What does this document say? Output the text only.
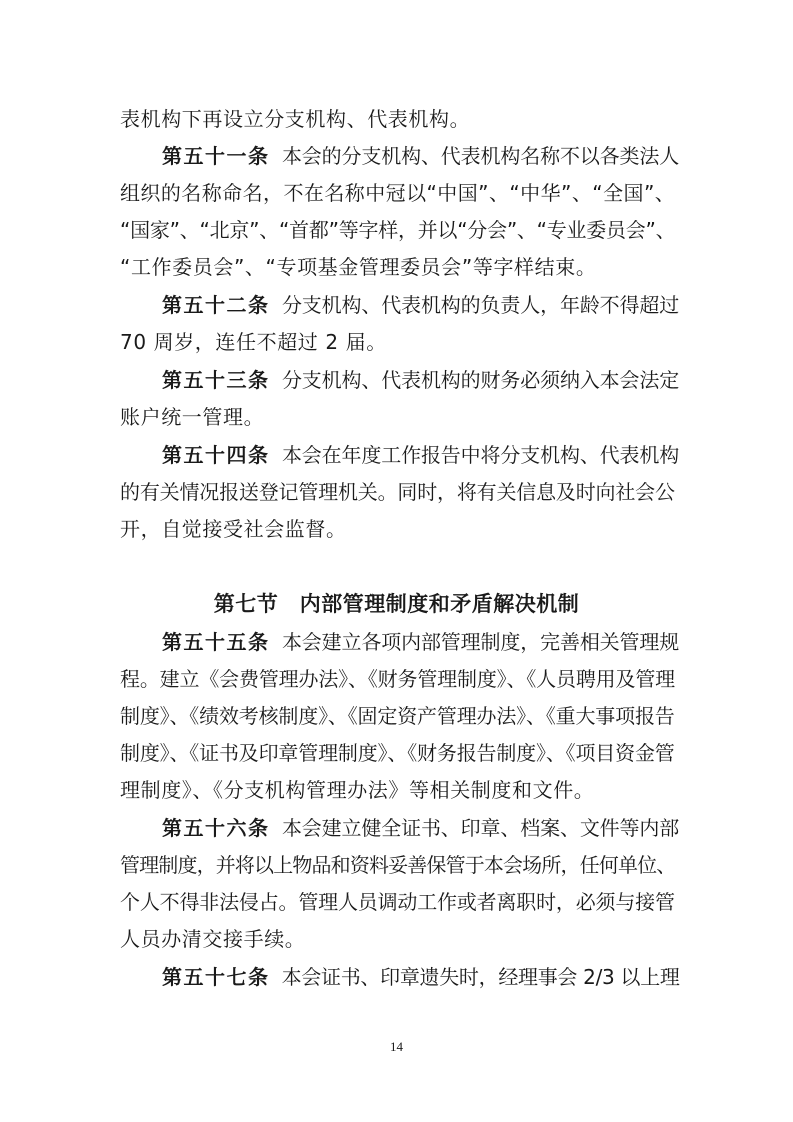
表机构下再设立分支机构、代表机构。
第五十一条 本会的分支机构、代表机构名称不以各类法人
组织的名称命名，不在名称中冠以“中国”、“中华”、“全国”、
“国家”、“北京”、“首都”等字样，并以“分会”、“专业委员会”、
“工作委员会”、“专项基金管理委员会”等字样结束。
第五十二条 分支机构、代表机构的负责人，年龄不得超过
70 周岁，连任不超过 2 届。
第五十三条 分支机构、代表机构的财务必须纳入本会法定
账户统一管理。
第五十四条 本会在年度工作报告中将分支机构、代表机构
的有关情况报送登记管理机关。同时，将有关信息及时向社会公
开，自觉接受社会监督。
第七节　内部管理制度和矛盾解决机制
第五十五条 本会建立各项内部管理制度，完善相关管理规
程。建立《会费管理办法》、《财务管理制度》、《人员聘用及管理
制度》、《绩效考核制度》、《固定资产管理办法》、《重大事项报告
制度》、《证书及印章管理制度》、《财务报告制度》、《项目资金管
理制度》、《分支机构管理办法》等相关制度和文件。
第五十六条 本会建立健全证书、印章、档案、文件等内部
管理制度，并将以上物品和资料妥善保管于本会场所，任何单位、
个人不得非法侵占。管理人员调动工作或者离职时，必须与接管
人员办清交接手续。
第五十七条 本会证书、印章遗失时，经理事会 2/3 以上理
14
